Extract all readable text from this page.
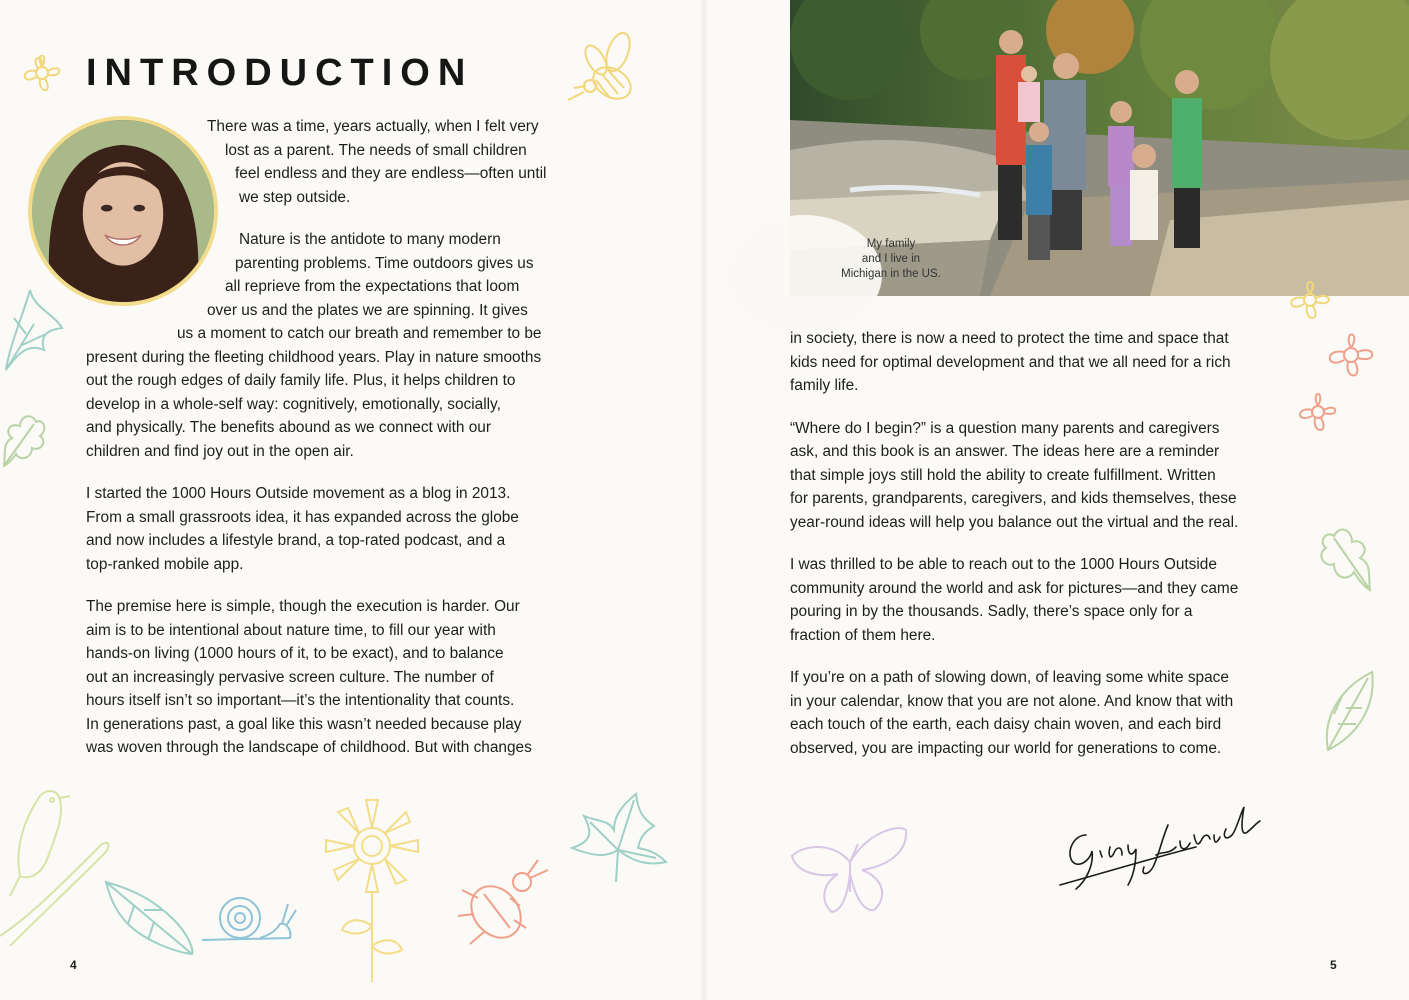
INTRODUCTION

There was a time, years actually, when I felt very
lost as a parent. The needs of small children
feel endless and they are endless—often until
we step outside.

Nature is the antidote to many modern
parenting problems. Time outdoors gives us
all reprieve from the expectations that loom
over us and the plates we are spinning. It gives
us a moment to catch our breath and remember to be
present during the fleeting childhood years. Play in nature smooths
out the rough edges of daily family life. Plus, it helps children to
develop in a whole-self way: cognitively, emotionally, socially,
and physically. The benefits abound as we connect with our
children and find joy out in the open air.

I started the 1000 Hours Outside movement as a blog in 2013.
From a small grassroots idea, it has expanded across the globe
and now includes a lifestyle brand, a top-rated podcast, and a
top-ranked mobile app.

The premise here is simple, though the execution is harder. Our
aim is to be intentional about nature time, to fill our year with
hands-on living (1000 hours of it, to be exact), and to balance
out an increasingly pervasive screen culture. The number of
hours itself isn’t so important—it’s the intentionality that counts.
In generations past, a goal like this wasn’t needed because play
was woven through the landscape of childhood. But with changes

4
My family
and I live in
Michigan in the US.

in society, there is now a need to protect the time and space that
kids need for optimal development and that we all need for a rich
family life.

“Where do I begin?” is a question many parents and caregivers
ask, and this book is an answer. The ideas here are a reminder
that simple joys still hold the ability to create fulfillment. Written
for parents, grandparents, caregivers, and kids themselves, these
year-round ideas will help you balance out the virtual and the real.

I was thrilled to be able to reach out to the 1000 Hours Outside
community around the world and ask for pictures—and they came
pouring in by the thousands. Sadly, there’s space only for a
fraction of them here.

If you’re on a path of slowing down, of leaving some white space
in your calendar, know that you are not alone. And know that with
each touch of the earth, each daisy chain woven, and each bird
observed, you are impacting our world for generations to come.

5
